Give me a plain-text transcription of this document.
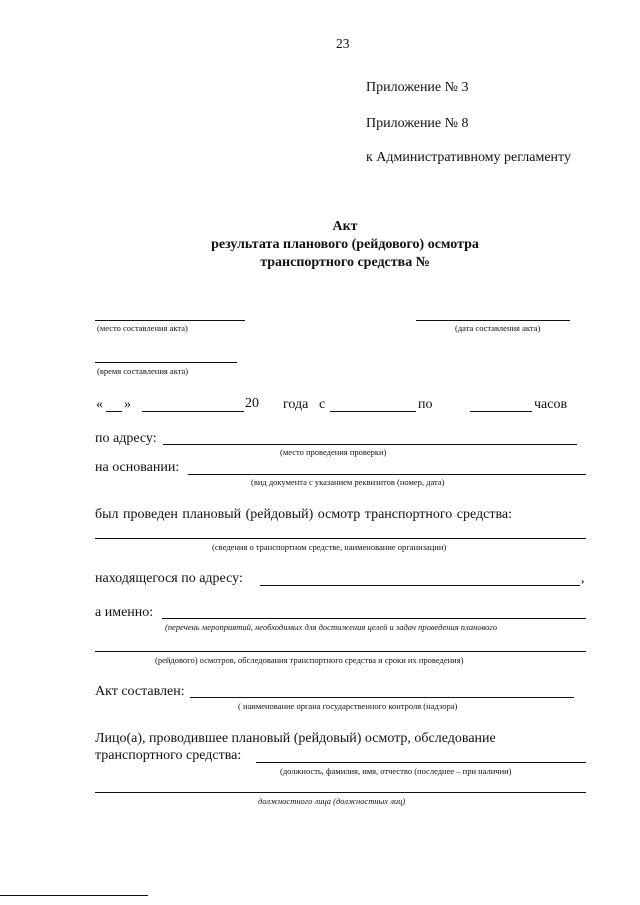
23
Приложение № 3
Приложение № 8
к Административному регламенту
Акт
результата планового (рейдового) осмотра
транспортного средства №
(место составления акта)	(дата составления акта)
(время составления акта)
« »	20 года с	по	часов
по адресу:
(место проведения проверки)
на основании:
(вид документа с указанием реквизитов (номер, дата)
был проведен плановый (рейдовый) осмотр транспортного средства:
(сведения о транспортном средстве, наименование организации)
находящегося по адресу:	,
а именно:
(перечень мероприятий, необходимых для достижения целей и задач проведения планового
(рейдового) осмотров, обследования транспортного средства и сроки их проведения)
Акт составлен:
( наименование органа государственного контроля (надзора)
Лицо(а), проводившее плановый (рейдовый) осмотр, обследование
транспортного средства:
(должность, фамилия, имя, отчество (последнее – при наличии)
должностного лица (должностных лиц)
